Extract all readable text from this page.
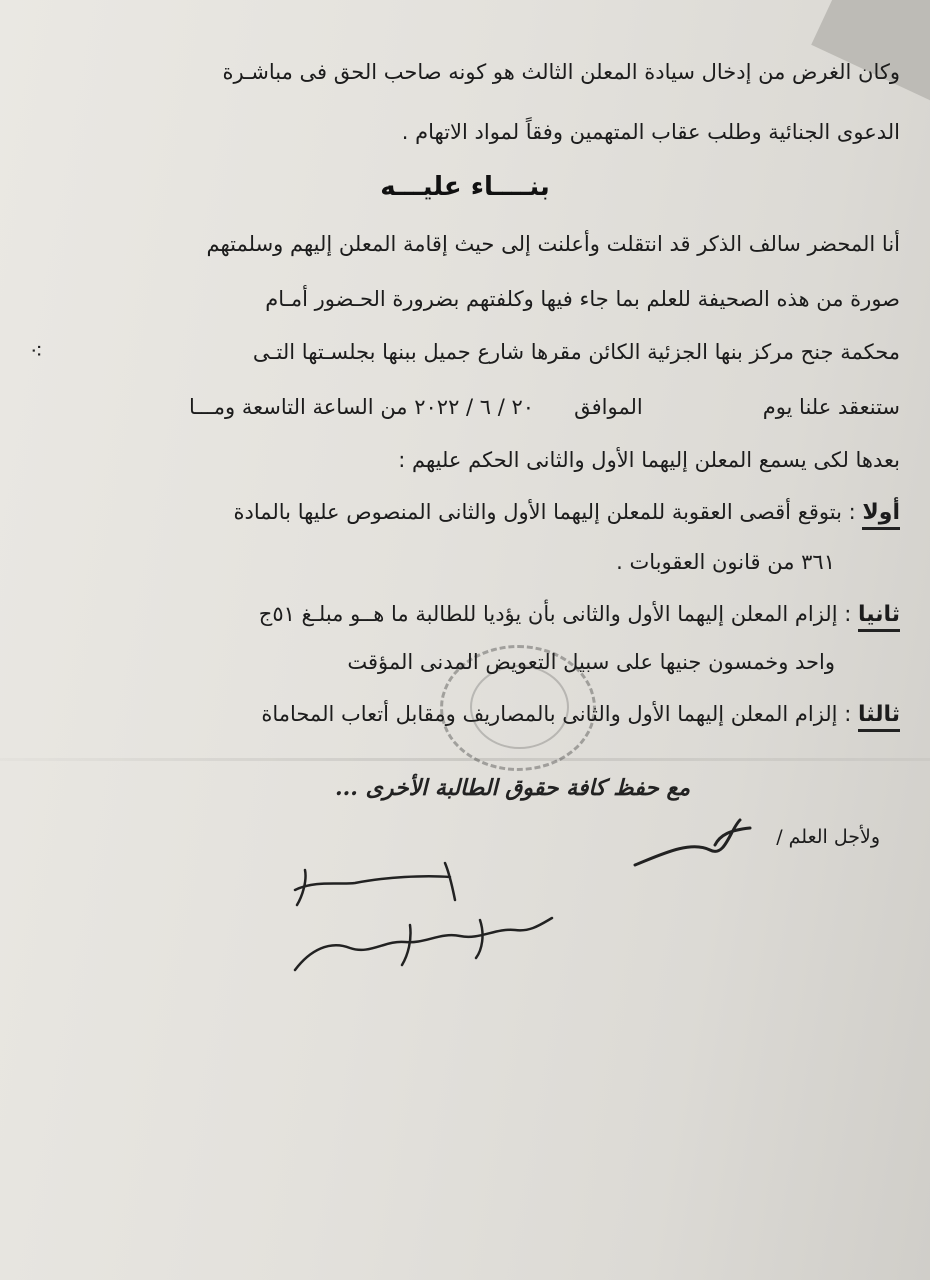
وكان الغرض من إدخال سيادة المعلن الثالث هو كونه صاحب الحق فى مباشـرة
الدعوى الجنائية وطلب عقاب المتهمين وفقاً لمواد الاتهام .
بنــــاء عليـــه
أنا المحضر سالف الذكر قد انتقلت وأعلنت إلى حيث إقامة المعلن إليهم وسلمتهم
صورة من هذه الصحيفة للعلم بما جاء فيها وكلفتهم بضرورة الحـضور أمـام
محكمة جنح مركز بنها الجزئية الكائن مقرها شارع جميل ببنها بجلسـتها التـى
ستنعقد علنا يومالموافق٢٠ / ٦ / ٢٠٢٢ من الساعة التاسعة ومـــا
بعدها لكى يسمع المعلن إليهما الأول والثانى الحكم عليهم :
أولا : بتوقع أقصى العقوبة للمعلن إليهما الأول والثانى المنصوص عليها بالمادة
٣٦١ من قانون العقوبات .
ثانيا : إلزام المعلن إليهما الأول والثانى بأن يؤديا للطالبة ما هــو مبلـغ ٥١ج
واحد وخمسون جنيها على سبيل التعويض المدنى المؤقت
ثالثا : إلزام المعلن إليهما الأول والثانى بالمصاريف ومقابل أتعاب المحاماة
مع حفظ كافة حقوق الطالبة الأخرى ...
ولأجل العلم /
⁖
